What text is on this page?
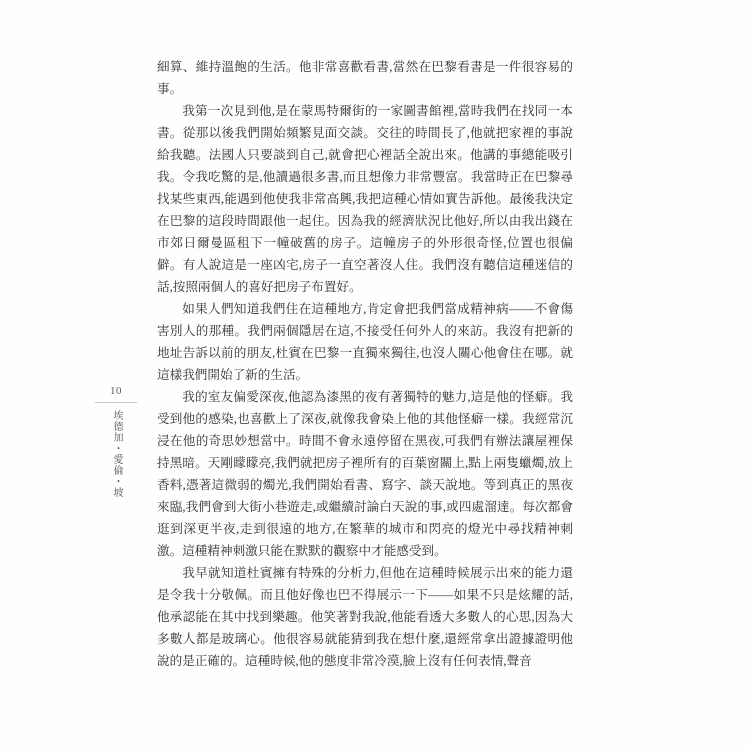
10
埃德加・愛倫・坡

細算、維持溫飽的生活。他非常喜歡看書,當然在巴黎看書是一件很容易的事。

我第一次見到他,是在蒙馬特爾街的一家圖書館裡,當時我們在找同一本書。從那以後我們開始頻繁見面交談。交往的時間長了,他就把家裡的事說給我聽。法國人只要談到自己,就會把心裡話全說出來。他講的事總能吸引我。令我吃驚的是,他讀過很多書,而且想像力非常豐富。我當時正在巴黎尋找某些東西,能遇到他使我非常高興,我把這種心情如實告訴他。最後我決定在巴黎的這段時間跟他一起住。因為我的經濟狀況比他好,所以由我出錢在市郊日爾曼區租下一幢破舊的房子。這幢房子的外形很奇怪,位置也很偏僻。有人說這是一座凶宅,房子一直空著沒人住。我們沒有聽信這種迷信的話,按照兩個人的喜好把房子布置好。

如果人們知道我們住在這種地方,肯定會把我們當成精神病——不會傷害別人的那種。我們兩個隱居在這,不接受任何外人的來訪。我沒有把新的地址告訴以前的朋友,杜賓在巴黎一直獨來獨往,也沒人關心他會住在哪。就這樣我們開始了新的生活。

我的室友偏愛深夜,他認為漆黑的夜有著獨特的魅力,這是他的怪癖。我受到他的感染,也喜歡上了深夜,就像我會染上他的其他怪癖一樣。我經常沉浸在他的奇思妙想當中。時間不會永遠停留在黑夜,可我們有辦法讓屋裡保持黑暗。天剛矇矇亮,我們就把房子裡所有的百葉窗關上,點上兩隻蠟燭,放上香料,憑著這微弱的燭光,我們開始看書、寫字、談天說地。等到真正的黑夜來臨,我們會到大街小巷遊走,或繼續討論白天說的事,或四處溜達。每次都會逛到深更半夜,走到很遠的地方,在繁華的城市和閃亮的燈光中尋找精神刺激。這種精神刺激只能在默默的觀察中才能感受到。

我早就知道杜賓擁有特殊的分析力,但他在這種時候展示出來的能力還是令我十分敬佩。而且他好像也巴不得展示一下——如果不只是炫耀的話,他承認能在其中找到樂趣。他笑著對我說,他能看透大多數人的心思,因為大多數人都是玻璃心。他很容易就能猜到我在想什麼,還經常拿出證據證明他說的是正確的。這種時候,他的態度非常冷漠,臉上沒有任何表情,聲音
